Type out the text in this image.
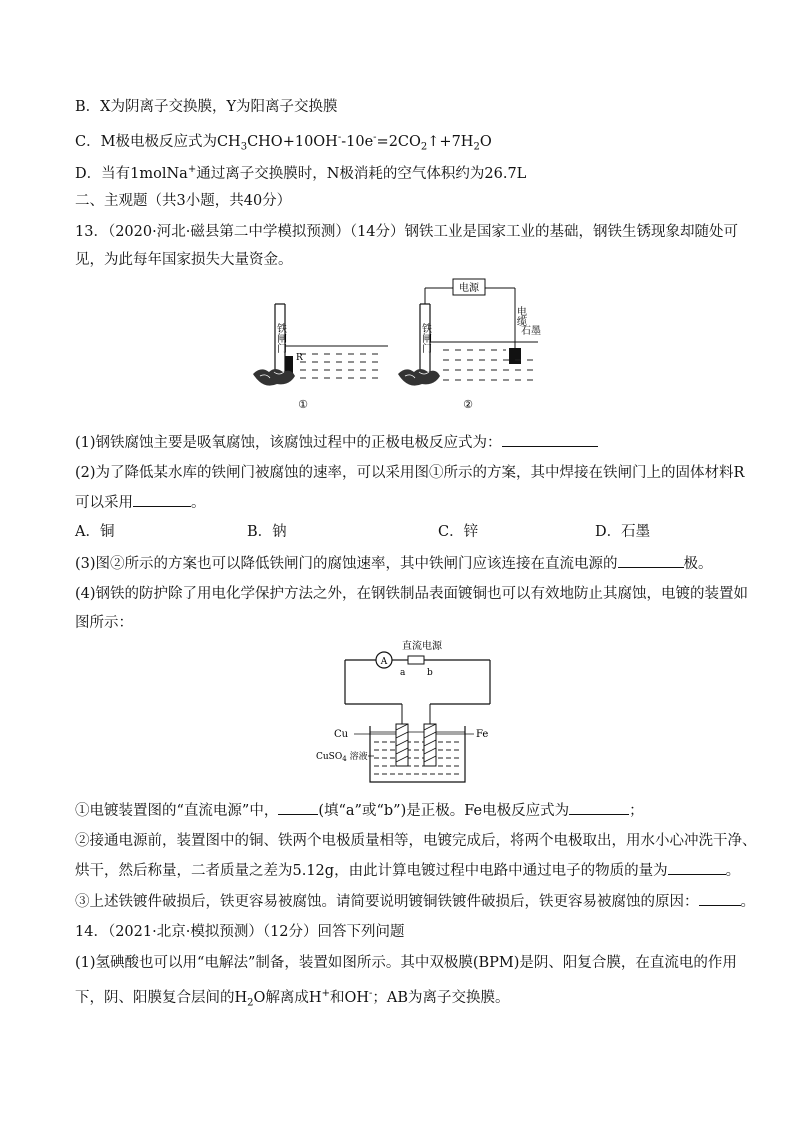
B．X为阴离子交换膜，Y为阳离子交换膜
C．M极电极反应式为$CH_3CHO+10OH^--10e^-=2CO_2↑+7H_2O$
D．当有1molNa+通过离子交换膜时，N极消耗的空气体积约为26.7L
二、主观题（共3小题，共40分）
13．（2020·河北·磁县第二中学模拟预测）（14分）钢铁工业是国家工业的基础，钢铁生锈现象却随处可
见，为此每年国家损失大量资金。
铁闸门
R
①
铁闸门
电源
电缆
石墨
②
(1)钢铁腐蚀主要是吸氧腐蚀，该腐蚀过程中的正极电极反应式为：
(2)为了降低某水库的铁闸门被腐蚀的速率，可以采用图①所示的方案，其中焊接在铁闸门上的固体材料R
可以采用	。
A．铜	B．钠	C．锌	D．石墨
(3)图②所示的方案也可以降低铁闸门的腐蚀速率，其中铁闸门应该连接在直流电源的	极。
(4)钢铁的防护除了用电化学保护方法之外，在钢铁制品表面镀铜也可以有效地防止其腐蚀，电镀的装置如
图所示：
直流电源
A
a b
Cu	Fe
CuSO$_4$ 溶液
①电镀装置图的“直流电源”中，	(填“a”或“b”)是正极。Fe电极反应式为	；
②接通电源前，装置图中的铜、铁两个电极质量相等，电镀完成后，将两个电极取出，用水小心冲洗干净、
烘干，然后称量，二者质量之差为5.12g，由此计算电镀过程中电路中通过电子的物质的量为	。
③上述铁镀件破损后，铁更容易被腐蚀。请简要说明镀铜铁镀件破损后，铁更容易被腐蚀的原因：	。
14．（2021·北京·模拟预测）（12分）回答下列问题
(1)氢碘酸也可以用“电解法”制备，装置如图所示。其中双极膜(BPM)是阴、阳复合膜，在直流电的作用
下，阴、阳膜复合层间的$H_2O$解离成H+和OH-；AB为离子交换膜。
